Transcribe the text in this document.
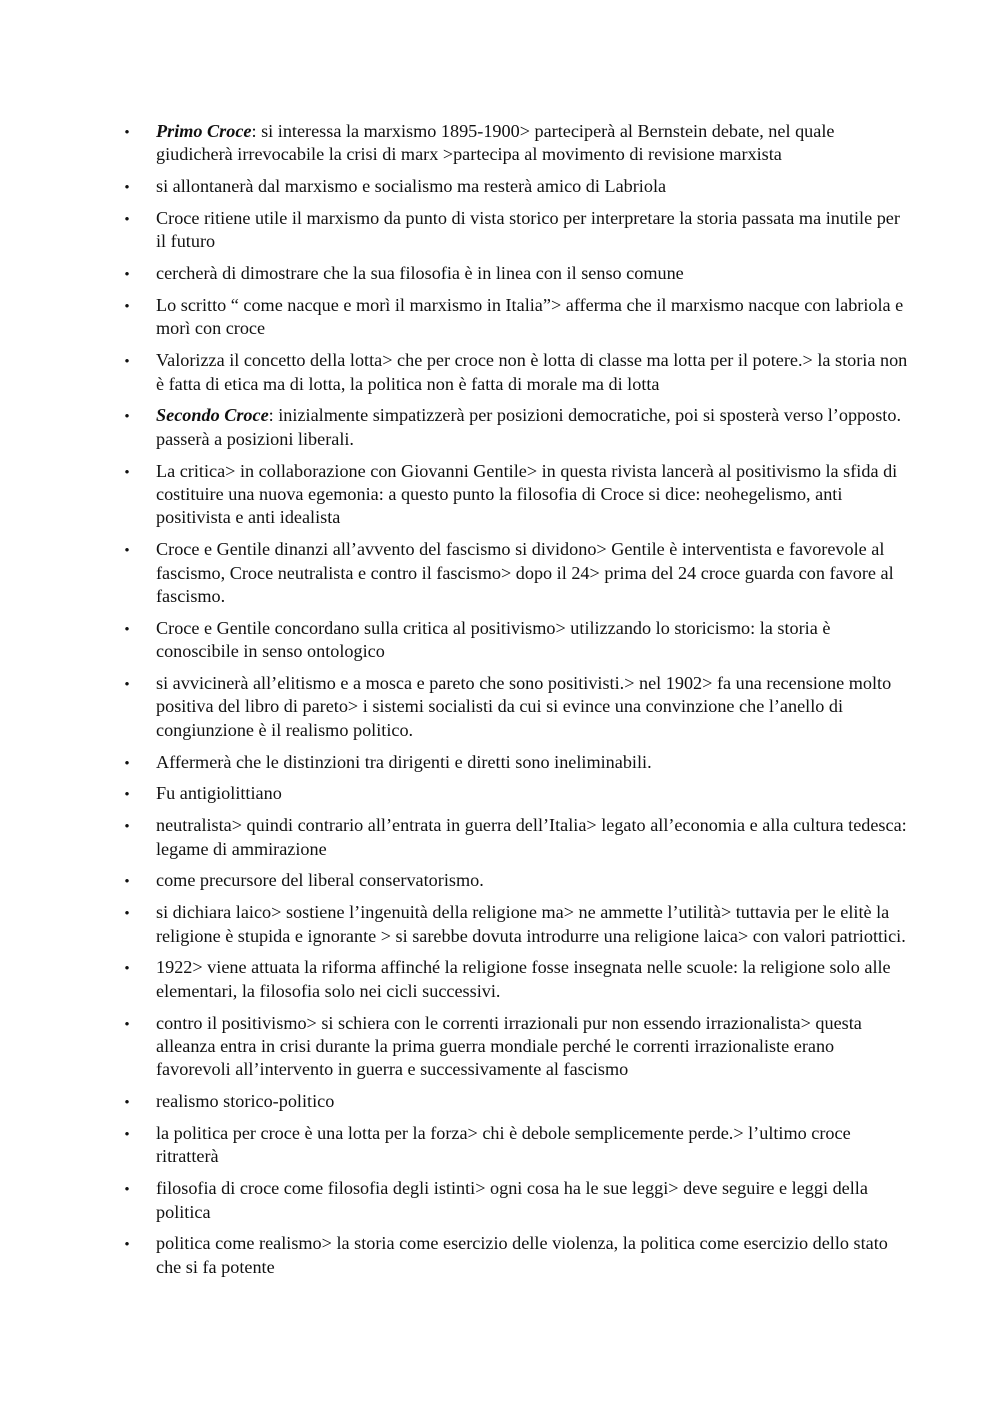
•
Primo Croce: si interessa la marxismo 1895-1900> parteciperà al Bernstein debate, nel quale giudicherà irrevocabile la crisi di marx >partecipa al movimento di revisione marxista
•
si allontanerà dal marxismo e socialismo ma resterà amico di Labriola
•
Croce ritiene utile il marxismo da punto di vista storico per interpretare la storia passata ma inutile per il futuro
•
cercherà di dimostrare che la sua filosofia è in linea con il senso comune
•
Lo scritto “ come nacque e morì il marxismo in Italia”> afferma che il marxismo nacque con labriola e morì con croce
•
Valorizza il concetto della lotta> che per croce non è lotta di classe ma lotta per il potere.> la storia non è fatta di etica ma di lotta, la politica non è fatta di morale ma di lotta
•
Secondo Croce: inizialmente simpatizzerà per posizioni democratiche, poi si sposterà verso l’opposto. passerà a posizioni liberali.
•
La critica> in collaborazione con Giovanni Gentile> in questa rivista lancerà al positivismo la sfida di costituire una nuova egemonia: a questo punto la filosofia di Croce si dice: neohegelismo, anti positivista e anti idealista
•
Croce e Gentile dinanzi all’avvento del fascismo si dividono> Gentile è interventista e favorevole al fascismo, Croce neutralista e contro il fascismo> dopo il 24> prima del 24 croce guarda con favore al fascismo.
•
Croce e Gentile concordano sulla critica al positivismo> utilizzando lo storicismo: la storia è conoscibile in senso ontologico
•
si avvicinerà all’elitismo e a mosca e pareto che sono positivisti.> nel 1902> fa una recensione molto positiva del libro di pareto> i sistemi socialisti da cui si evince una convinzione che l’anello di congiunzione è il realismo politico.
•
Affermerà che le distinzioni tra dirigenti e diretti sono ineliminabili.
•
Fu antigiolittiano
•
neutralista> quindi contrario all’entrata in guerra dell’Italia> legato all’economia e alla cultura tedesca: legame di ammirazione
•
come precursore del liberal conservatorismo.
•
si dichiara laico> sostiene l’ingenuità della religione ma> ne ammette l’utilità> tuttavia per le elitè la religione è stupida e ignorante > si sarebbe dovuta introdurre una religione laica> con valori patriottici.
•
1922> viene attuata la riforma affinché la religione fosse insegnata nelle scuole: la religione solo alle elementari, la filosofia solo nei cicli successivi.
•
contro il positivismo> si schiera con le correnti irrazionali pur non essendo irrazionalista> questa alleanza entra in crisi durante la prima guerra mondiale perché le correnti irrazionaliste erano favorevoli all’intervento in guerra e successivamente al fascismo
•
realismo storico-politico
•
la politica per croce è una lotta per la forza> chi è debole semplicemente perde.> l’ultimo croce ritratterà
•
filosofia di croce come filosofia degli istinti> ogni cosa ha le sue leggi> deve seguire e leggi della politica
•
politica come realismo> la storia come esercizio delle violenza, la politica come esercizio dello stato che si fa potente
